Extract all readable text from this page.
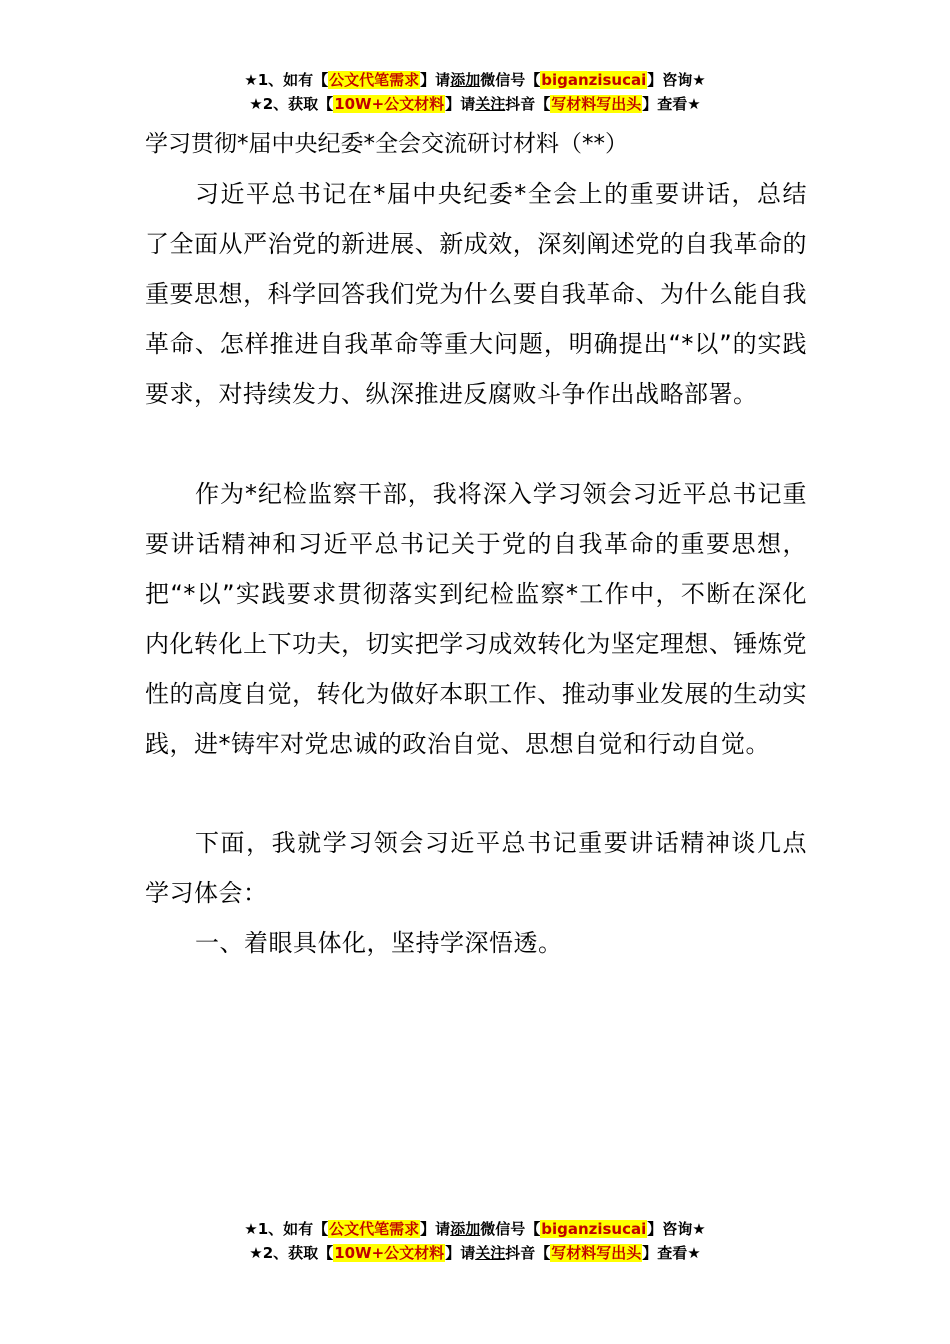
★1、如有【公文代笔需求】请添加微信号【biganzisucai】咨询★
★2、获取【10W+公文材料】请关注抖音【写材料写出头】查看★
学习贯彻*届中央纪委*全会交流研讨材料（**）

习近平总书记在*届中央纪委*全会上的重要讲话，总结了全面从严治党的新进展、新成效，深刻阐述党的自我革命的重要思想，科学回答我们党为什么要自我革命、为什么能自我革命、怎样推进自我革命等重大问题，明确提出“*以”的实践要求，对持续发力、纵深推进反腐败斗争作出战略部署。

作为*纪检监察干部，我将深入学习领会习近平总书记重要讲话精神和习近平总书记关于党的自我革命的重要思想，把“*以”实践要求贯彻落实到纪检监察*工作中，不断在深化内化转化上下功夫，切实把学习成效转化为坚定理想、锤炼党性的高度自觉，转化为做好本职工作、推动事业发展的生动实践，进*铸牢对党忠诚的政治自觉、思想自觉和行动自觉。

下面，我就学习领会习近平总书记重要讲话精神谈几点学习体会：

一、着眼具体化，坚持学深悟透。

★1、如有【公文代笔需求】请添加微信号【biganzisucai】咨询★
★2、获取【10W+公文材料】请关注抖音【写材料写出头】查看★
